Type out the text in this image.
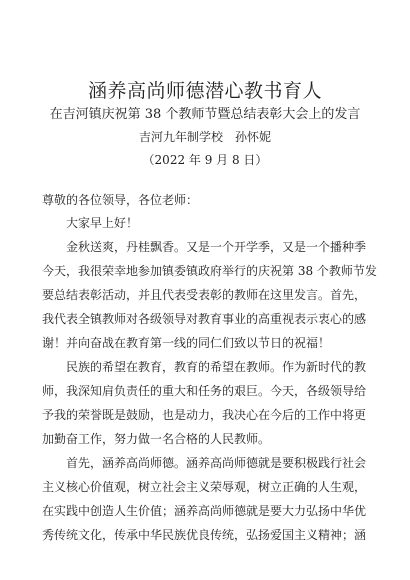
涵养高尚师德潜心教书育人
在吉河镇庆祝第 38 个教师节暨总结表彰大会上的发言
吉河九年制学校 孙怀妮
（2022 年 9 月 8 日）
尊敬的各位领导，各位老师：
大家早上好！
金秋送爽，丹桂飘香。又是一个开学季，又是一个播种季
今天，我很荣幸地参加镇委镇政府举行的庆祝第 38 个教师节发
要总结表彰活动，并且代表受表彰的教师在这里发言。首先，
我代表全镇教师对各级领导对教育事业的高重视表示衷心的感
谢！并向奋战在教育第一线的同仁们致以节日的祝福！
民族的希望在教育，教育的希望在教师。作为新时代的教
师，我深知肩负责任的重大和任务的艰巨。今天，各级领导给
予我的荣誉既是鼓励，也是动力，我决心在今后的工作中将更
加勤奋工作，努力做一名合格的人民教师。
首先，涵养高尚师德。涵养高尚师德就是要积极践行社会
主义核心价值观，树立社会主义荣辱观，树立正确的人生观，
在实践中创造人生价值；涵养高尚师德就是要大力弘扬中华优
秀传统文化，传承中华民族优良传统，弘扬爱国主义精神；涵
